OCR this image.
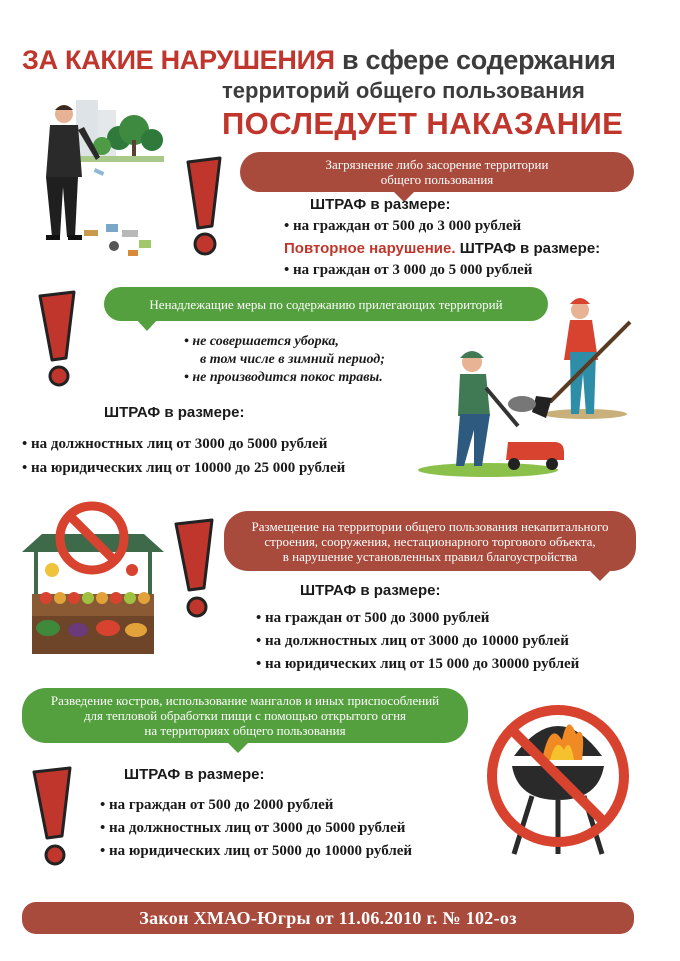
ЗА КАКИЕ НАРУШЕНИЯ в сфере содержания
территорий общего пользования
ПОСЛЕДУЕТ НАКАЗАНИЕ
Загрязнение либо засорение территории
общего пользования
ШТРАФ в размере:
• на граждан от 500 до 3 000 рублей
Повторное нарушение. ШТРАФ в размере:
• на граждан от 3 000 до 5 000 рублей
Ненадлежащие меры по содержанию прилегающих территорий
• не совершается уборка,
в том числе в зимний период;
• не производится покос травы.
ШТРАФ в размере:
• на должностных лиц от 3000 до 5000 рублей
• на юридических лиц от 10000 до 25 000 рублей
Размещение на территории общего пользования некапитального
строения, сооружения, нестационарного торгового объекта,
в нарушение установленных правил благоустройства
ШТРАФ в размере:
• на граждан от 500 до 3000 рублей
• на должностных лиц от 3000 до 10000 рублей
• на юридических лиц от 15 000 до 30000 рублей
Разведение костров, использование мангалов и иных приспособлений
для тепловой обработки пищи с помощью открытого огня
на территориях общего пользования
ШТРАФ в размере:
• на граждан от 500 до 2000 рублей
• на должностных лиц от 3000 до 5000 рублей
• на юридических лиц от 5000 до 10000 рублей
Закон ХМАО-Югры от 11.06.2010 г. № 102-оз
